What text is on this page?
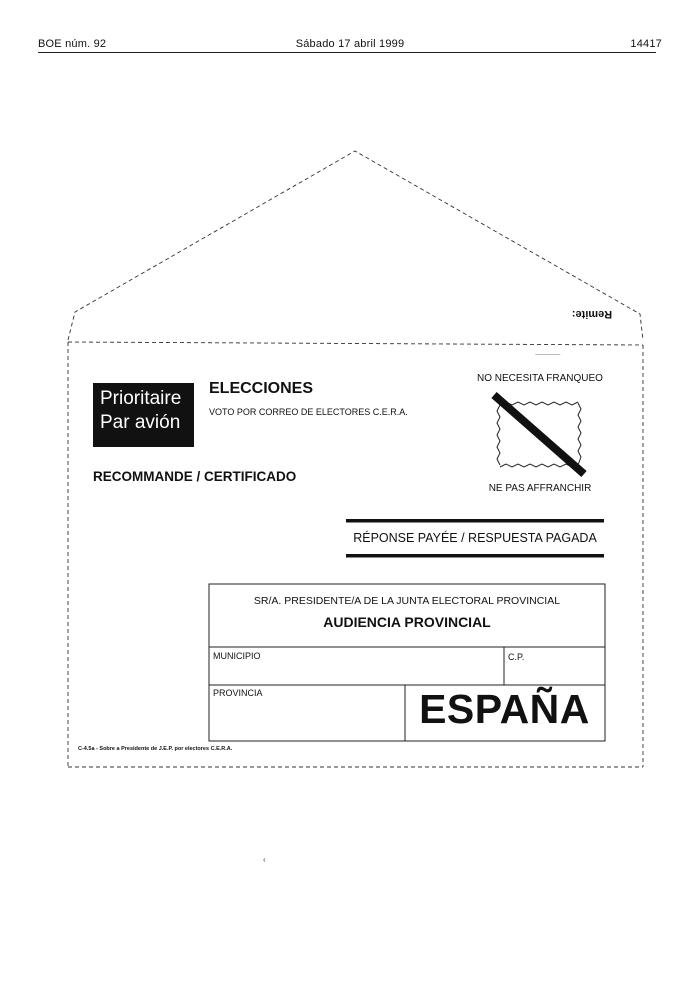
BOE núm. 92	Sábado 17 abril 1999	14417
Remite:
Prioritaire
Par avión
ELECCIONES
VOTO POR CORREO DE ELECTORES C.E.R.A.
RECOMMANDE / CERTIFICADO
~~~~~~~
NO NECESITA FRANQUEO
NE PAS AFFRANCHIR
RÉPONSE PAYÉE / RESPUESTA PAGADA
SR/A. PRESIDENTE/A DE LA JUNTA ELECTORAL PROVINCIAL
AUDIENCIA PROVINCIAL
MUNICIPIO	C.P.
PROVINCIA	ESPAÑA
C-4.5a - Sobre a Presidente de J.E.P. por electores C.E.R.A.
‹
